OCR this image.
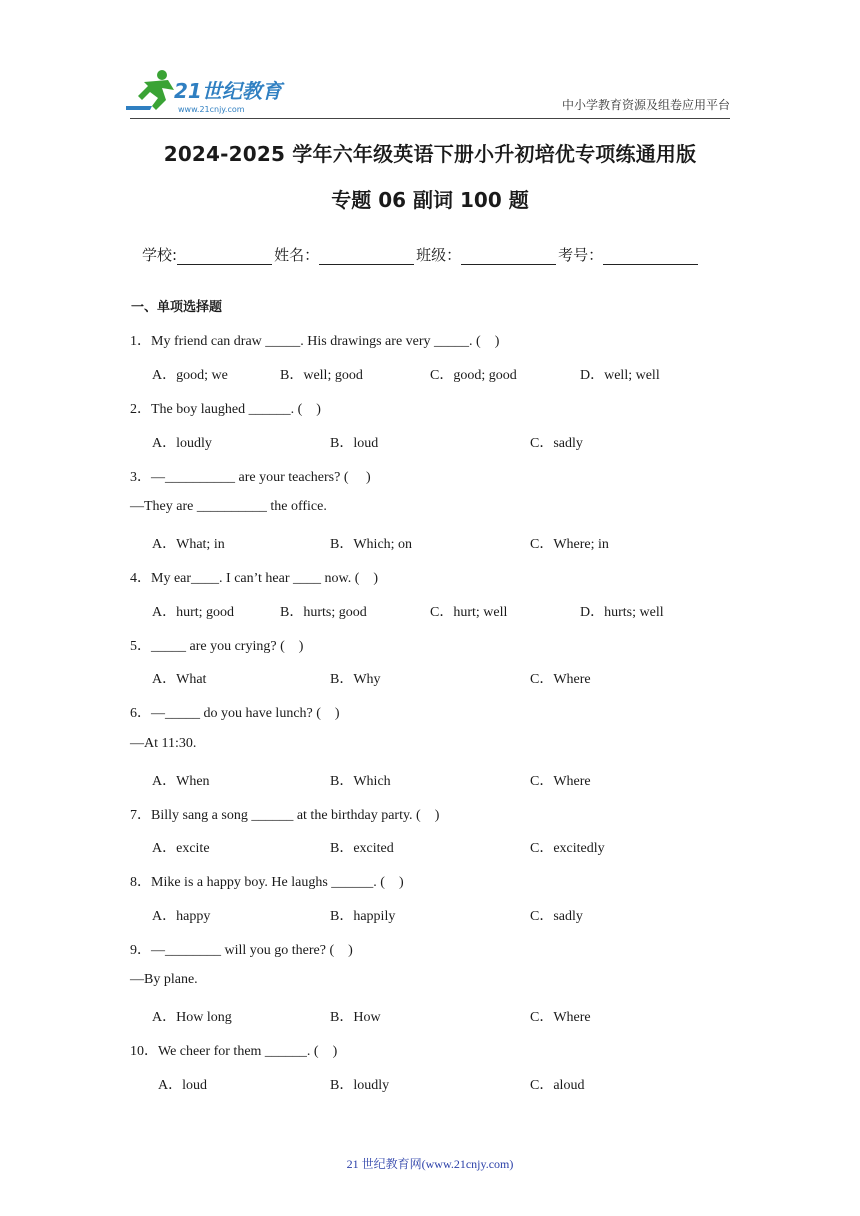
21世纪教育
www.21cnjy.com	中小学教育资源及组卷应用平台
2024-2025 学年六年级英语下册小升初培优专项练通用版
专题 06 副词 100 题
学校:	姓名：	班级：	考号：
一、单项选择题
1．My friend can draw _____. His drawings are very _____. (    )
A．good; we	B．well; good	C．good; good	D．well; well
2．The boy laughed ______. (    )
A．loudly	B．loud	C．sadly
3．—__________ are your teachers? (     )
—They are __________ the office.
A．What; in	B．Which; on	C．Where; in
4．My ear____. I can’t hear ____ now. (    )
A．hurt; good	B．hurts; good	C．hurt; well	D．hurts; well
5．_____ are you crying? (    )
A．What	B．Why	C．Where
6．—_____ do you have lunch? (    )
—At 11:30.
A．When	B．Which	C．Where
7．Billy sang a song ______ at the birthday party. (    )
A．excite	B．excited	C．excitedly
8．Mike is a happy boy. He laughs ______. (    )
A．happy	B．happily	C．sadly
9．—________ will you go there? (    )
—By plane.
A．How long	B．How	C．Where
10．We cheer for them ______. (    )
A．loud	B．loudly	C．aloud
21 世纪教育网(www.21cnjy.com)
